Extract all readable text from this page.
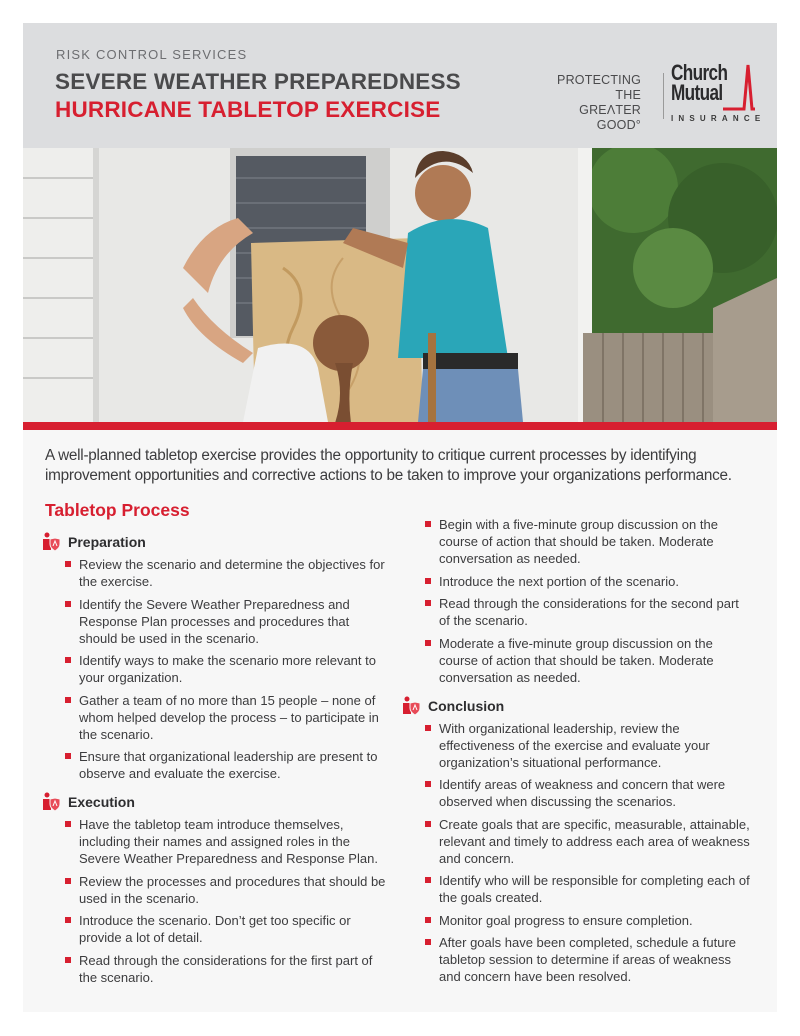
RISK CONTROL SERVICES
SEVERE WEATHER PREPAREDNESS
HURRICANE TABLETOP EXERCISE
PROTECTING
THE GREΛTER
GOOD°
Church
Mutual
INSURANCE

A well-planned tabletop exercise provides the opportunity to critique current processes by identifying improvement opportunities and corrective actions to be taken to improve your organizations performance.

Tabletop Process
Preparation
Review the scenario and determine the objectives for the exercise.
Identify the Severe Weather Preparedness and Response Plan processes and procedures that should be used in the scenario.
Identify ways to make the scenario more relevant to your organization.
Gather a team of no more than 15 people – none of whom helped develop the process – to participate in the scenario.
Ensure that organizational leadership are present to observe and evaluate the exercise.
Execution
Have the tabletop team introduce themselves, including their names and assigned roles in the Severe Weather Preparedness and Response Plan.
Review the processes and procedures that should be used in the scenario.
Introduce the scenario. Don’t get too specific or provide a lot of detail.
Read through the considerations for the first part of the scenario.
Begin with a five-minute group discussion on the course of action that should be taken. Moderate conversation as needed.
Introduce the next portion of the scenario.
Read through the considerations for the second part of the scenario.
Moderate a five-minute group discussion on the course of action that should be taken. Moderate conversation as needed.
Conclusion
With organizational leadership, review the effectiveness of the exercise and evaluate your organization’s situational performance.
Identify areas of weakness and concern that were observed when discussing the scenarios.
Create goals that are specific, measurable, attainable, relevant and timely to address each area of weakness and concern.
Identify who will be responsible for completing each of the goals created.
Monitor goal progress to ensure completion.
After goals have been completed, schedule a future tabletop session to determine if areas of weakness and concern have been resolved.
